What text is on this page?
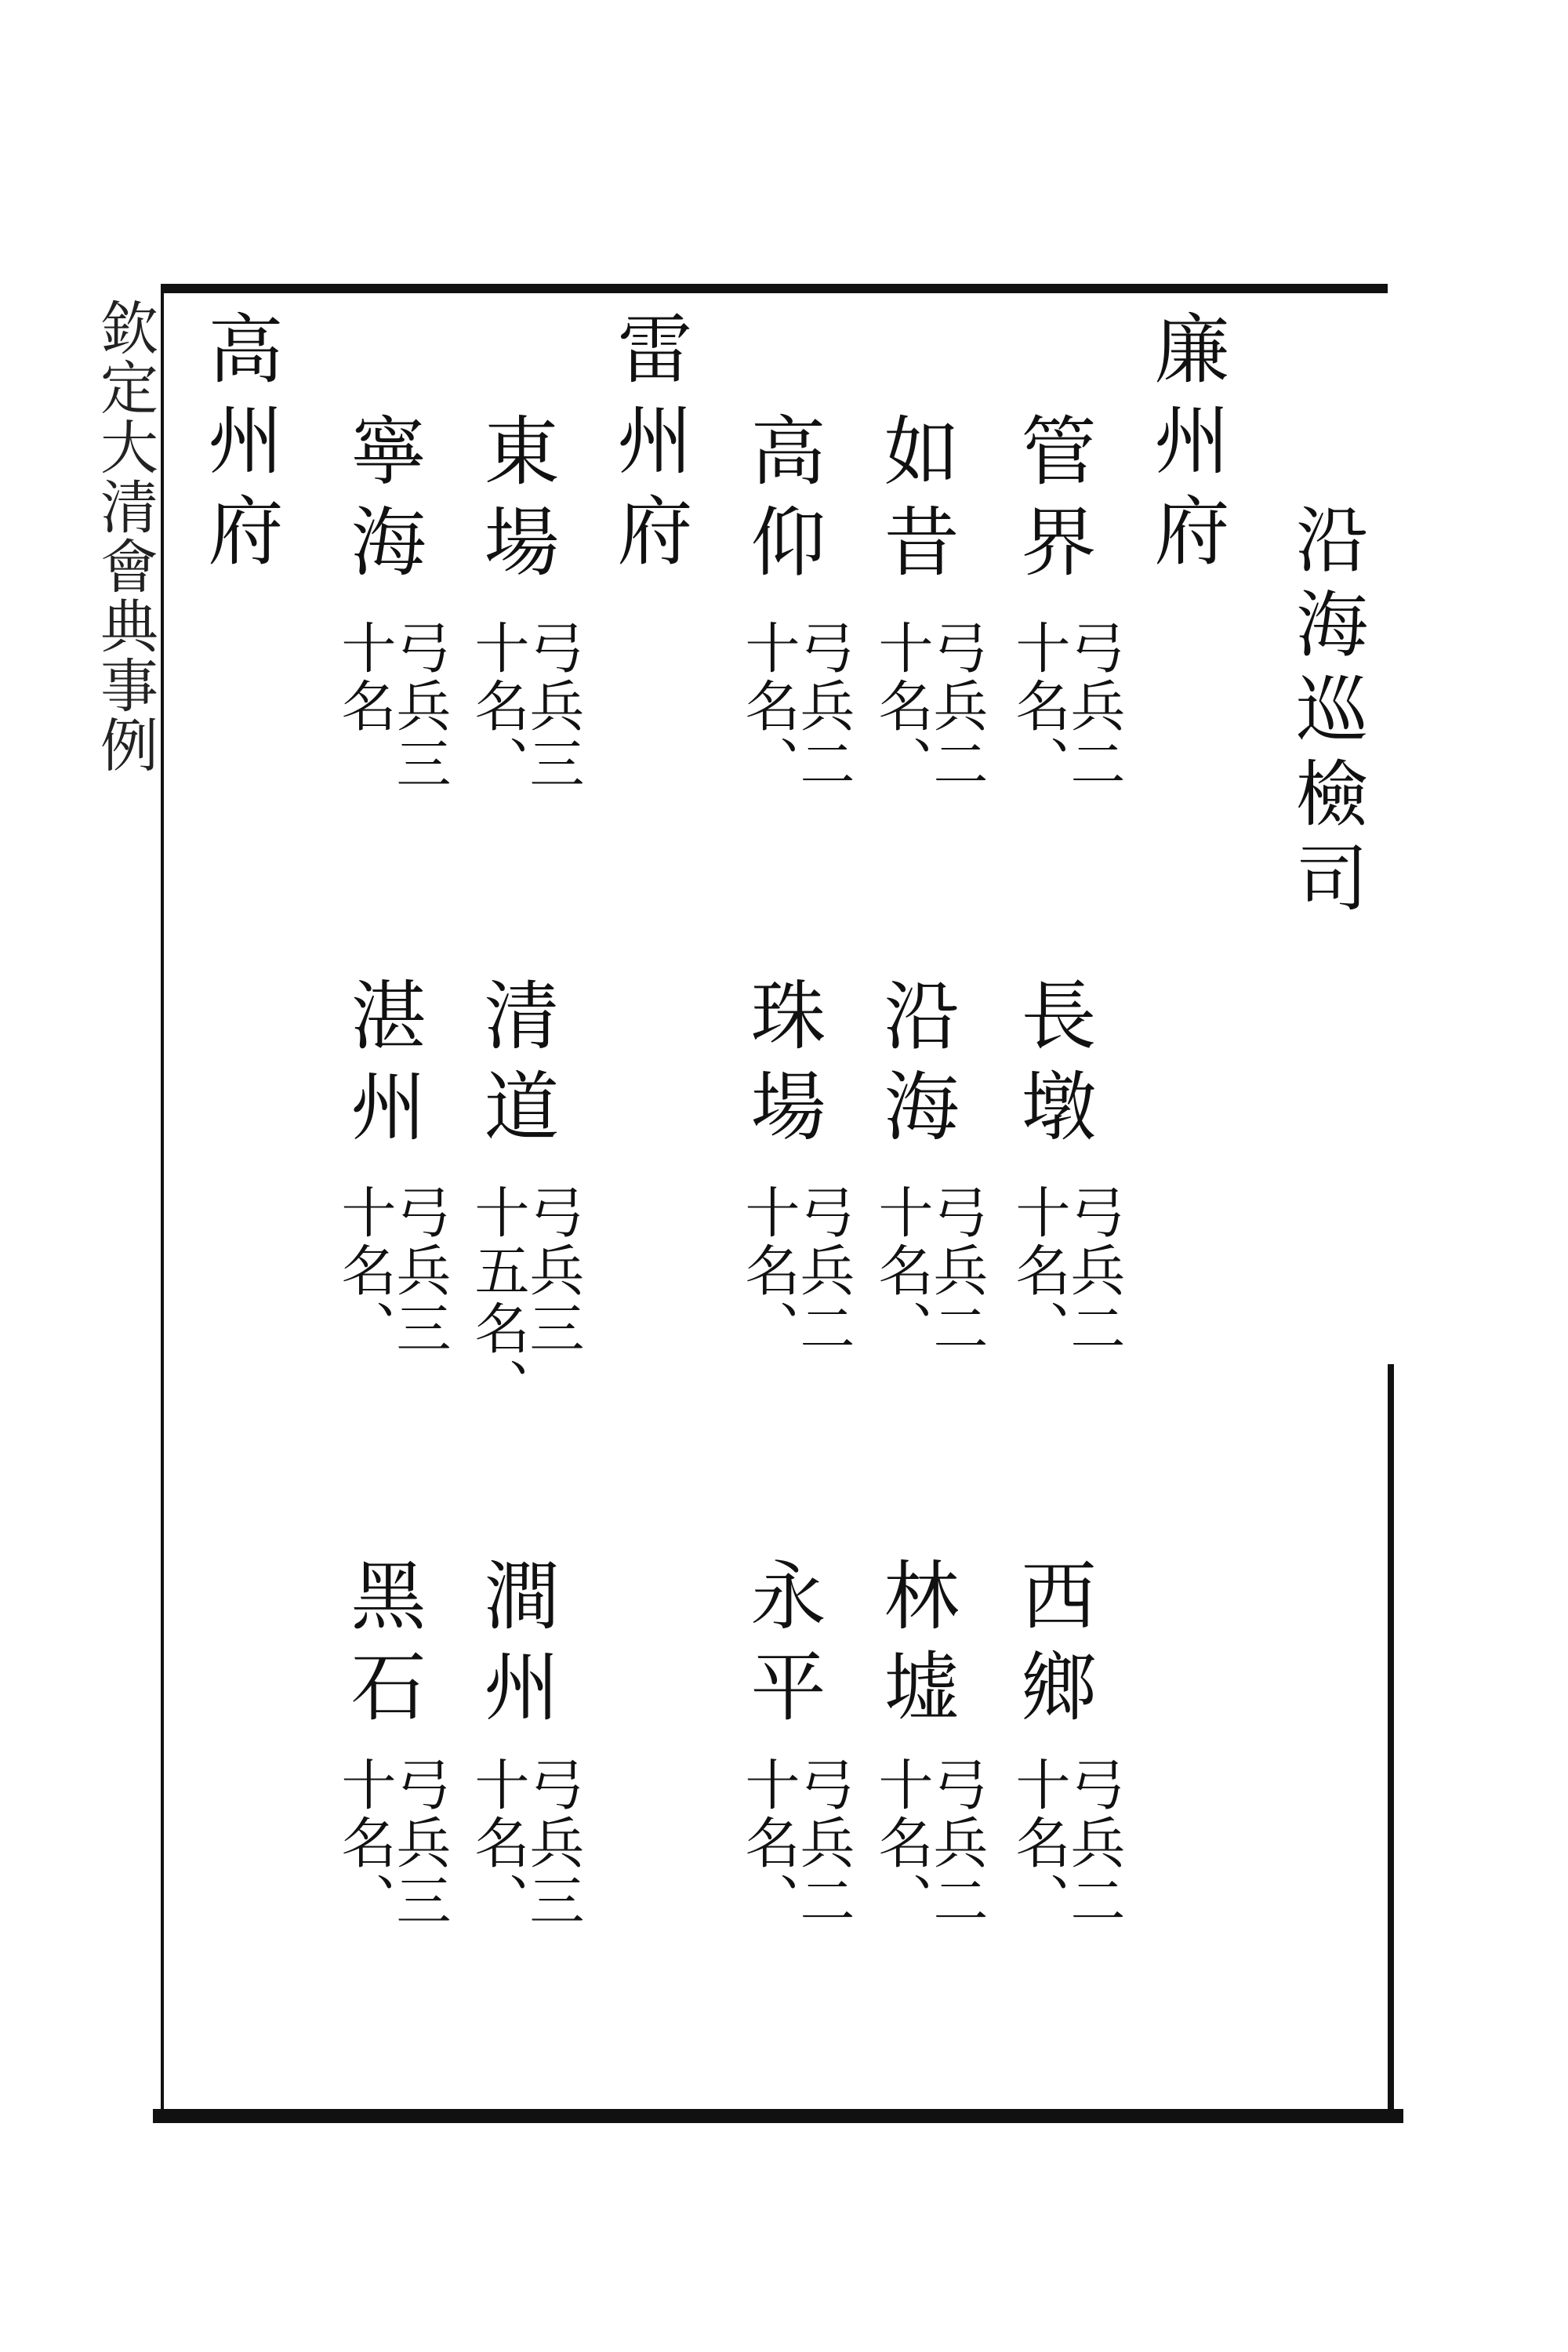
欽定大清會典事例	沿海巡檢司
廉州府
雷州府
高州府	管界
弓兵二
十名、
長墩
弓兵二
十名、
西鄉
弓兵二
十名、
如昔
弓兵二
十名、
沿海
弓兵二
十名、
林墟
弓兵二
十名、
高仰
弓兵二
十名、
珠場
弓兵二
十名、
永平
弓兵二
十名、
東場
弓兵三
十名、
清道
弓兵三
十五名、
澗州
弓兵三
十名、
寧海
弓兵三
十名
湛州
弓兵三
十名、
黑石
弓兵三
十名、
